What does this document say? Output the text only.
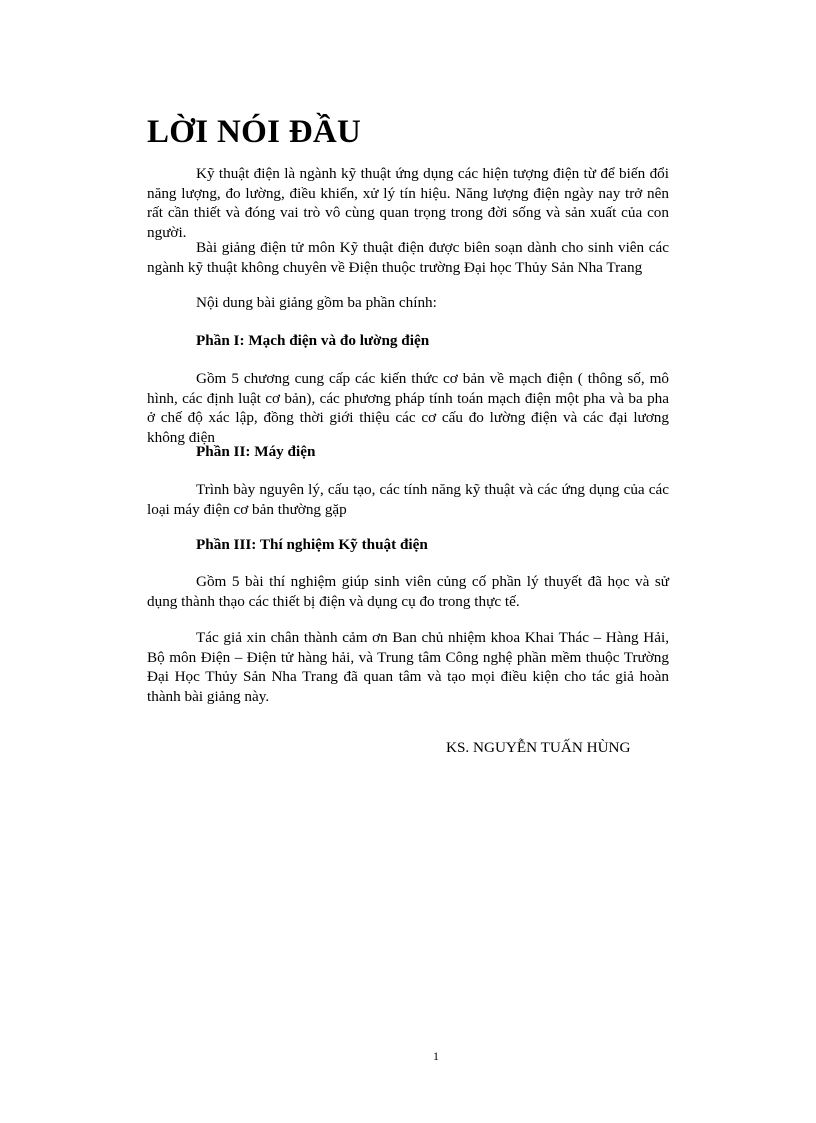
LỜI NÓI ĐẦU

Kỹ thuật điện là ngành kỹ thuật ứng dụng các hiện tượng điện từ để biến đổi năng lượng, đo lường, điều khiển, xử lý tín hiệu. Năng lượng điện ngày nay trở nên rất cần thiết và đóng vai trò vô cùng quan trọng trong đời sống và sản xuất của con người.

Bài giảng điện tử môn Kỹ thuật điện được biên soạn dành cho sinh viên các ngành kỹ thuật không chuyên về Điện thuộc trường Đại học Thủy Sản Nha Trang

Nội dung bài giảng gồm ba phần chính:

Phần I: Mạch điện và đo lường điện

Gồm 5 chương cung cấp các kiến thức cơ bản về mạch điện ( thông số, mô hình, các định luật cơ bản), các phương pháp tính toán mạch điện một pha và ba pha ở chế độ xác lập, đồng thời giới thiệu các cơ cấu đo lường điện và các đại lương không điện

Phần II: Máy điện

Trình bày nguyên lý, cấu tạo, các tính năng kỹ thuật và các ứng dụng của các loại máy điện cơ bản thường gặp

Phần III: Thí nghiệm Kỹ thuật điện

Gồm 5 bài thí nghiệm giúp sinh viên củng cố phần lý thuyết đã học và sử dụng thành thạo các thiết bị điện và dụng cụ đo trong thực tế.

Tác giả xin chân thành cảm ơn Ban chủ nhiệm khoa Khai Thác – Hàng Hải, Bộ môn Điện – Điện tử hàng hải, và Trung tâm Công nghệ phần mềm thuộc Trường Đại Học Thủy Sản Nha Trang đã quan tâm và tạo mọi điều kiện cho tác giả hoàn thành bài giảng này.

KS. NGUYỄN TUẤN HÙNG

1
